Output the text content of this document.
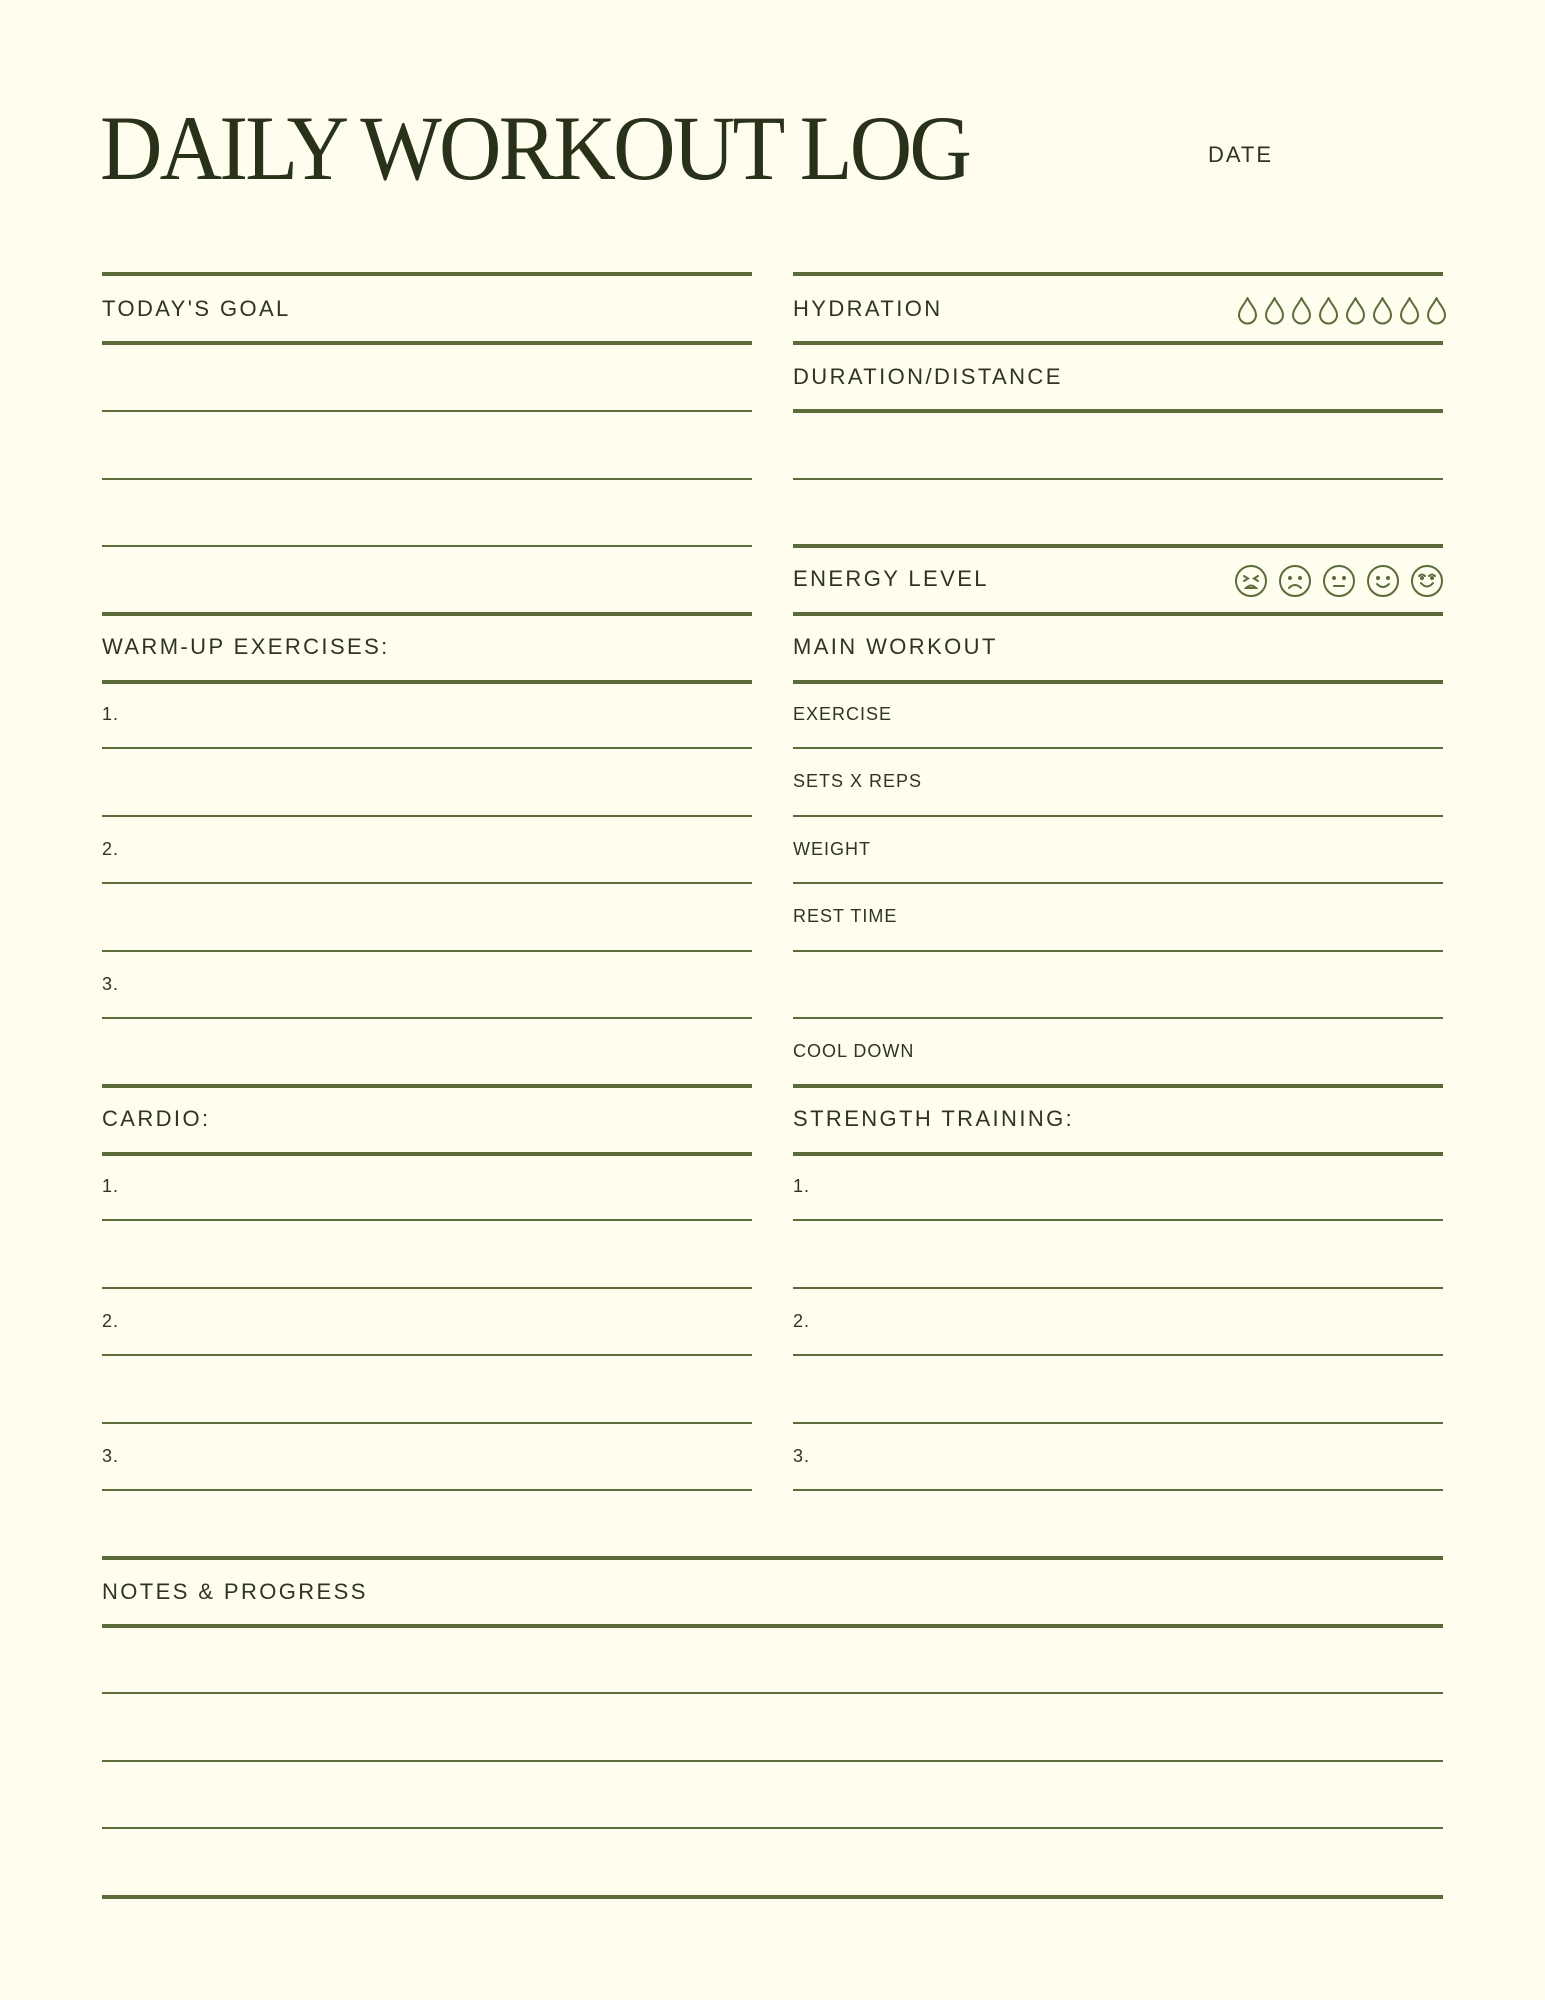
DAILY WORKOUT LOG	DATE
TODAY'S GOAL
WARM-UP EXERCISES:
1.
2.
3.
CARDIO:
1.
2.
3.
HYDRATION
DURATION/DISTANCE
ENERGY LEVEL
MAIN WORKOUT
EXERCISE
SETS X REPS
WEIGHT
REST TIME
COOL DOWN
STRENGTH TRAINING:
1.
2.
3.
NOTES & PROGRESS
